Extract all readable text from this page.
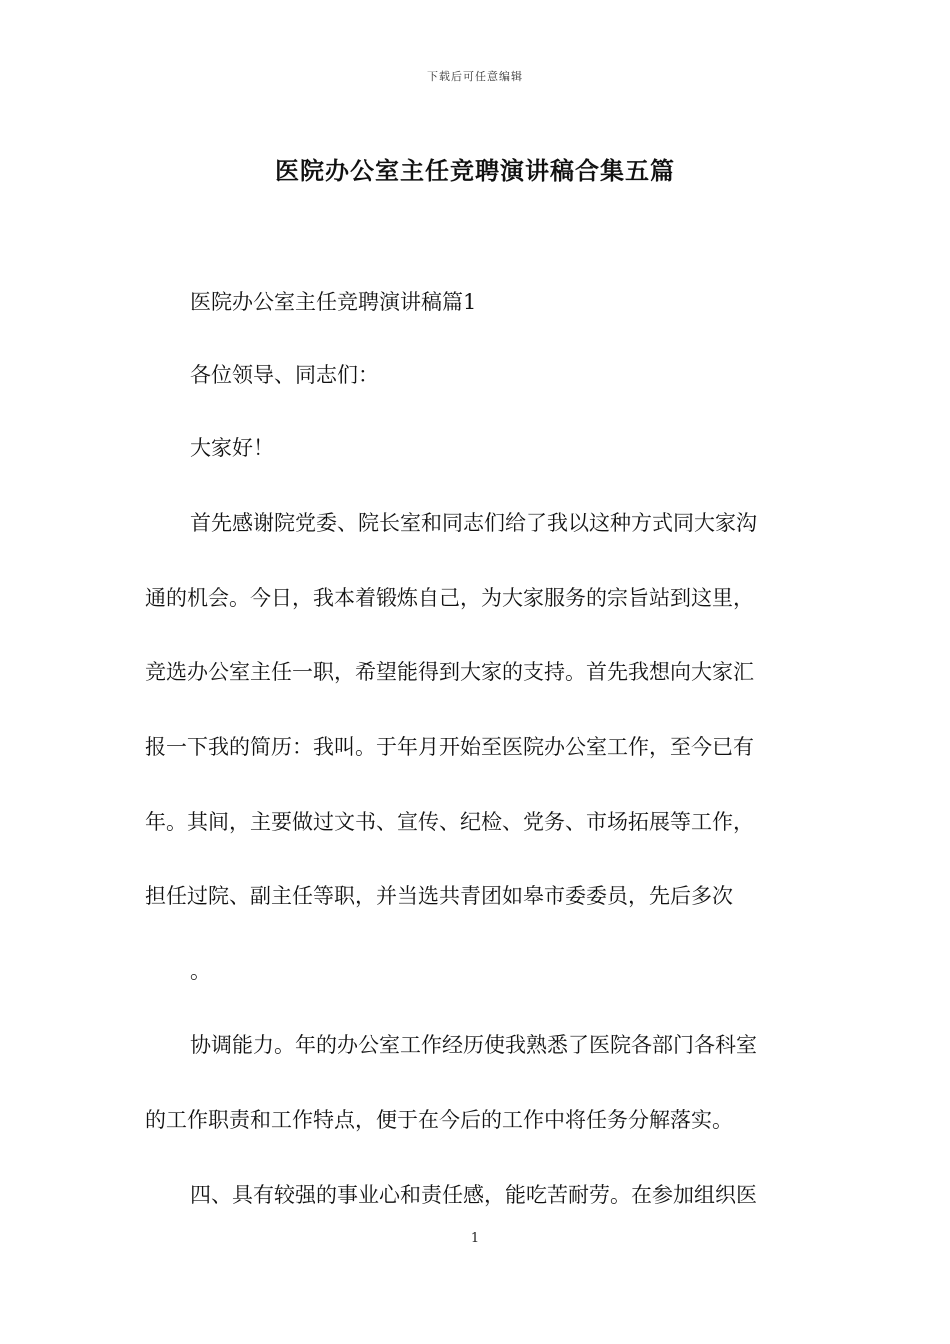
下载后可任意编辑
医院办公室主任竞聘演讲稿合集五篇

医院办公室主任竞聘演讲稿篇1

各位领导、同志们：

大家好！

首先感谢院党委、院长室和同志们给了我以这种方式同大家沟

通的机会。今日，我本着锻炼自己，为大家服务的宗旨站到这里，

竞选办公室主任一职，希望能得到大家的支持。首先我想向大家汇

报一下我的简历：我叫。于年月开始至医院办公室工作，至今已有

年。其间，主要做过文书、宣传、纪检、党务、市场拓展等工作，

担任过院、副主任等职，并当选共青团如皋市委委员，先后多次

。

协调能力。年的办公室工作经历使我熟悉了医院各部门各科室

的工作职责和工作特点，便于在今后的工作中将任务分解落实。

四、具有较强的事业心和责任感，能吃苦耐劳。在参加组织医

1
